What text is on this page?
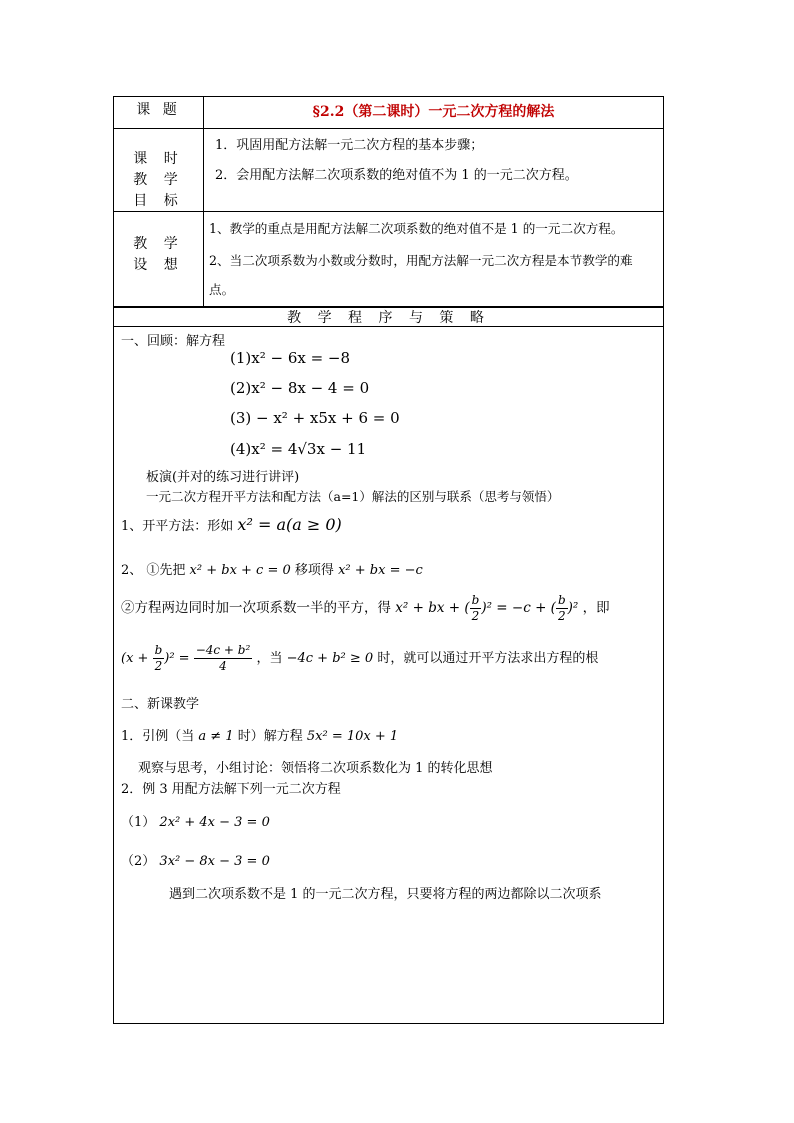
课 题	§2.2（第二课时）一元二次方程的解法
课 时
教 学
目 标
1．巩固用配方法解一元二次方程的基本步骤；
2．会用配方法解二次项系数的绝对值不为 1 的一元二次方程。
教 学
设 想
1、教学的重点是用配方法解二次项系数的绝对值不是 1 的一元二次方程。
2、当二次项系数为小数或分数时，用配方法解一元二次方程是本节教学的难点。
教 学 程 序 与 策 略
一、回顾：解方程
(1)x² − 6x = −8
(2)x² − 8x − 4 = 0
(3) − x² + x5x + 6 = 0
(4)x² = 4√3x − 11
板演(并对的练习进行讲评)
一元二次方程开平方法和配方法（a=1）解法的区别与联系（思考与领悟）
1、开平方法：形如 x² = a(a ≥ 0)
2、 ①先把 x² + bx + c = 0 移项得 x² + bx = −c
②方程两边同时加一次项系数一半的平方，得 x² + bx + ( $\frac{b}{2} )^2 = -c$ + ( $\frac{b}{2} )^2$ ，即
$(x + \frac{b}{2} )^2 = \frac{\text{−4c + b²}}{4}$ ，当 −4c + b² ≥ 0 时，就可以通过开平方法求出方程的根
二、新课教学
1．引例（当 a ≠ 1 时）解方程 5x² = 10x + 1
观察与思考，小组讨论：领悟将二次项系数化为 1 的转化思想
2．例 3 用配方法解下列一元二次方程
（1） 2x² + 4x − 3 = 0
（2） 3x² − 8x − 3 = 0
遇到二次项系数不是 1 的一元二次方程，只要将方程的两边都除以二次项系
